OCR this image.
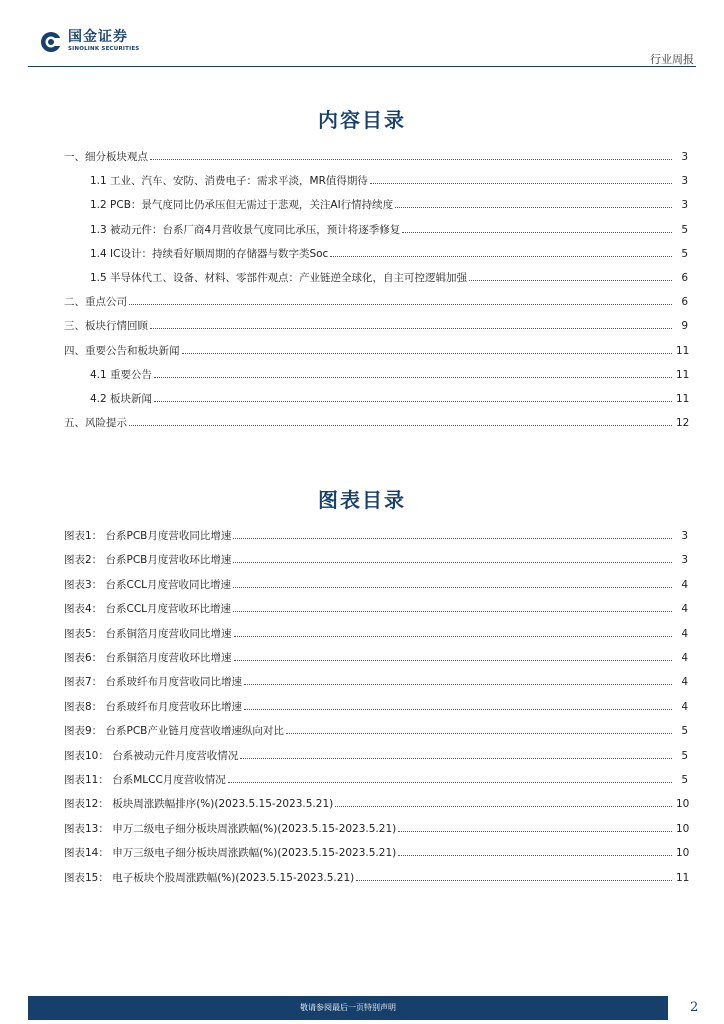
国金证券
SINOLINK SECURITIES
行业周报
内容目录
一、细分板块观点	3
1.1 工业、汽车、安防、消费电子：需求平淡，MR值得期待	3
1.2 PCB：景气度同比仍承压但无需过于悲观，关注AI行情持续度	3
1.3 被动元件：台系厂商4月营收景气度同比承压，预计将逐季修复	5
1.4 IC设计：持续看好顺周期的存储器与数字类Soc	5
1.5 半导体代工、设备、材料、零部件观点：产业链逆全球化，自主可控逻辑加强	6
二、重点公司	6
三、板块行情回顾	9
四、重要公告和板块新闻	11
4.1 重要公告	11
4.2 板块新闻	11
五、风险提示	12
图表目录
图表1： 台系PCB月度营收同比增速	3
图表2： 台系PCB月度营收环比增速	3
图表3： 台系CCL月度营收同比增速	4
图表4： 台系CCL月度营收环比增速	4
图表5： 台系铜箔月度营收同比增速	4
图表6： 台系铜箔月度营收环比增速	4
图表7： 台系玻纤布月度营收同比增速	4
图表8： 台系玻纤布月度营收环比增速	4
图表9： 台系PCB产业链月度营收增速纵向对比	5
图表10： 台系被动元件月度营收情况	5
图表11： 台系MLCC月度营收情况	5
图表12： 板块周涨跌幅排序(%)(2023.5.15-2023.5.21)	10
图表13： 申万二级电子细分板块周涨跌幅(%)(2023.5.15-2023.5.21)	10
图表14： 申万三级电子细分板块周涨跌幅(%)(2023.5.15-2023.5.21)	10
图表15： 电子板块个股周涨跌幅(%)(2023.5.15-2023.5.21)	11
敬请参阅最后一页特别声明	2
